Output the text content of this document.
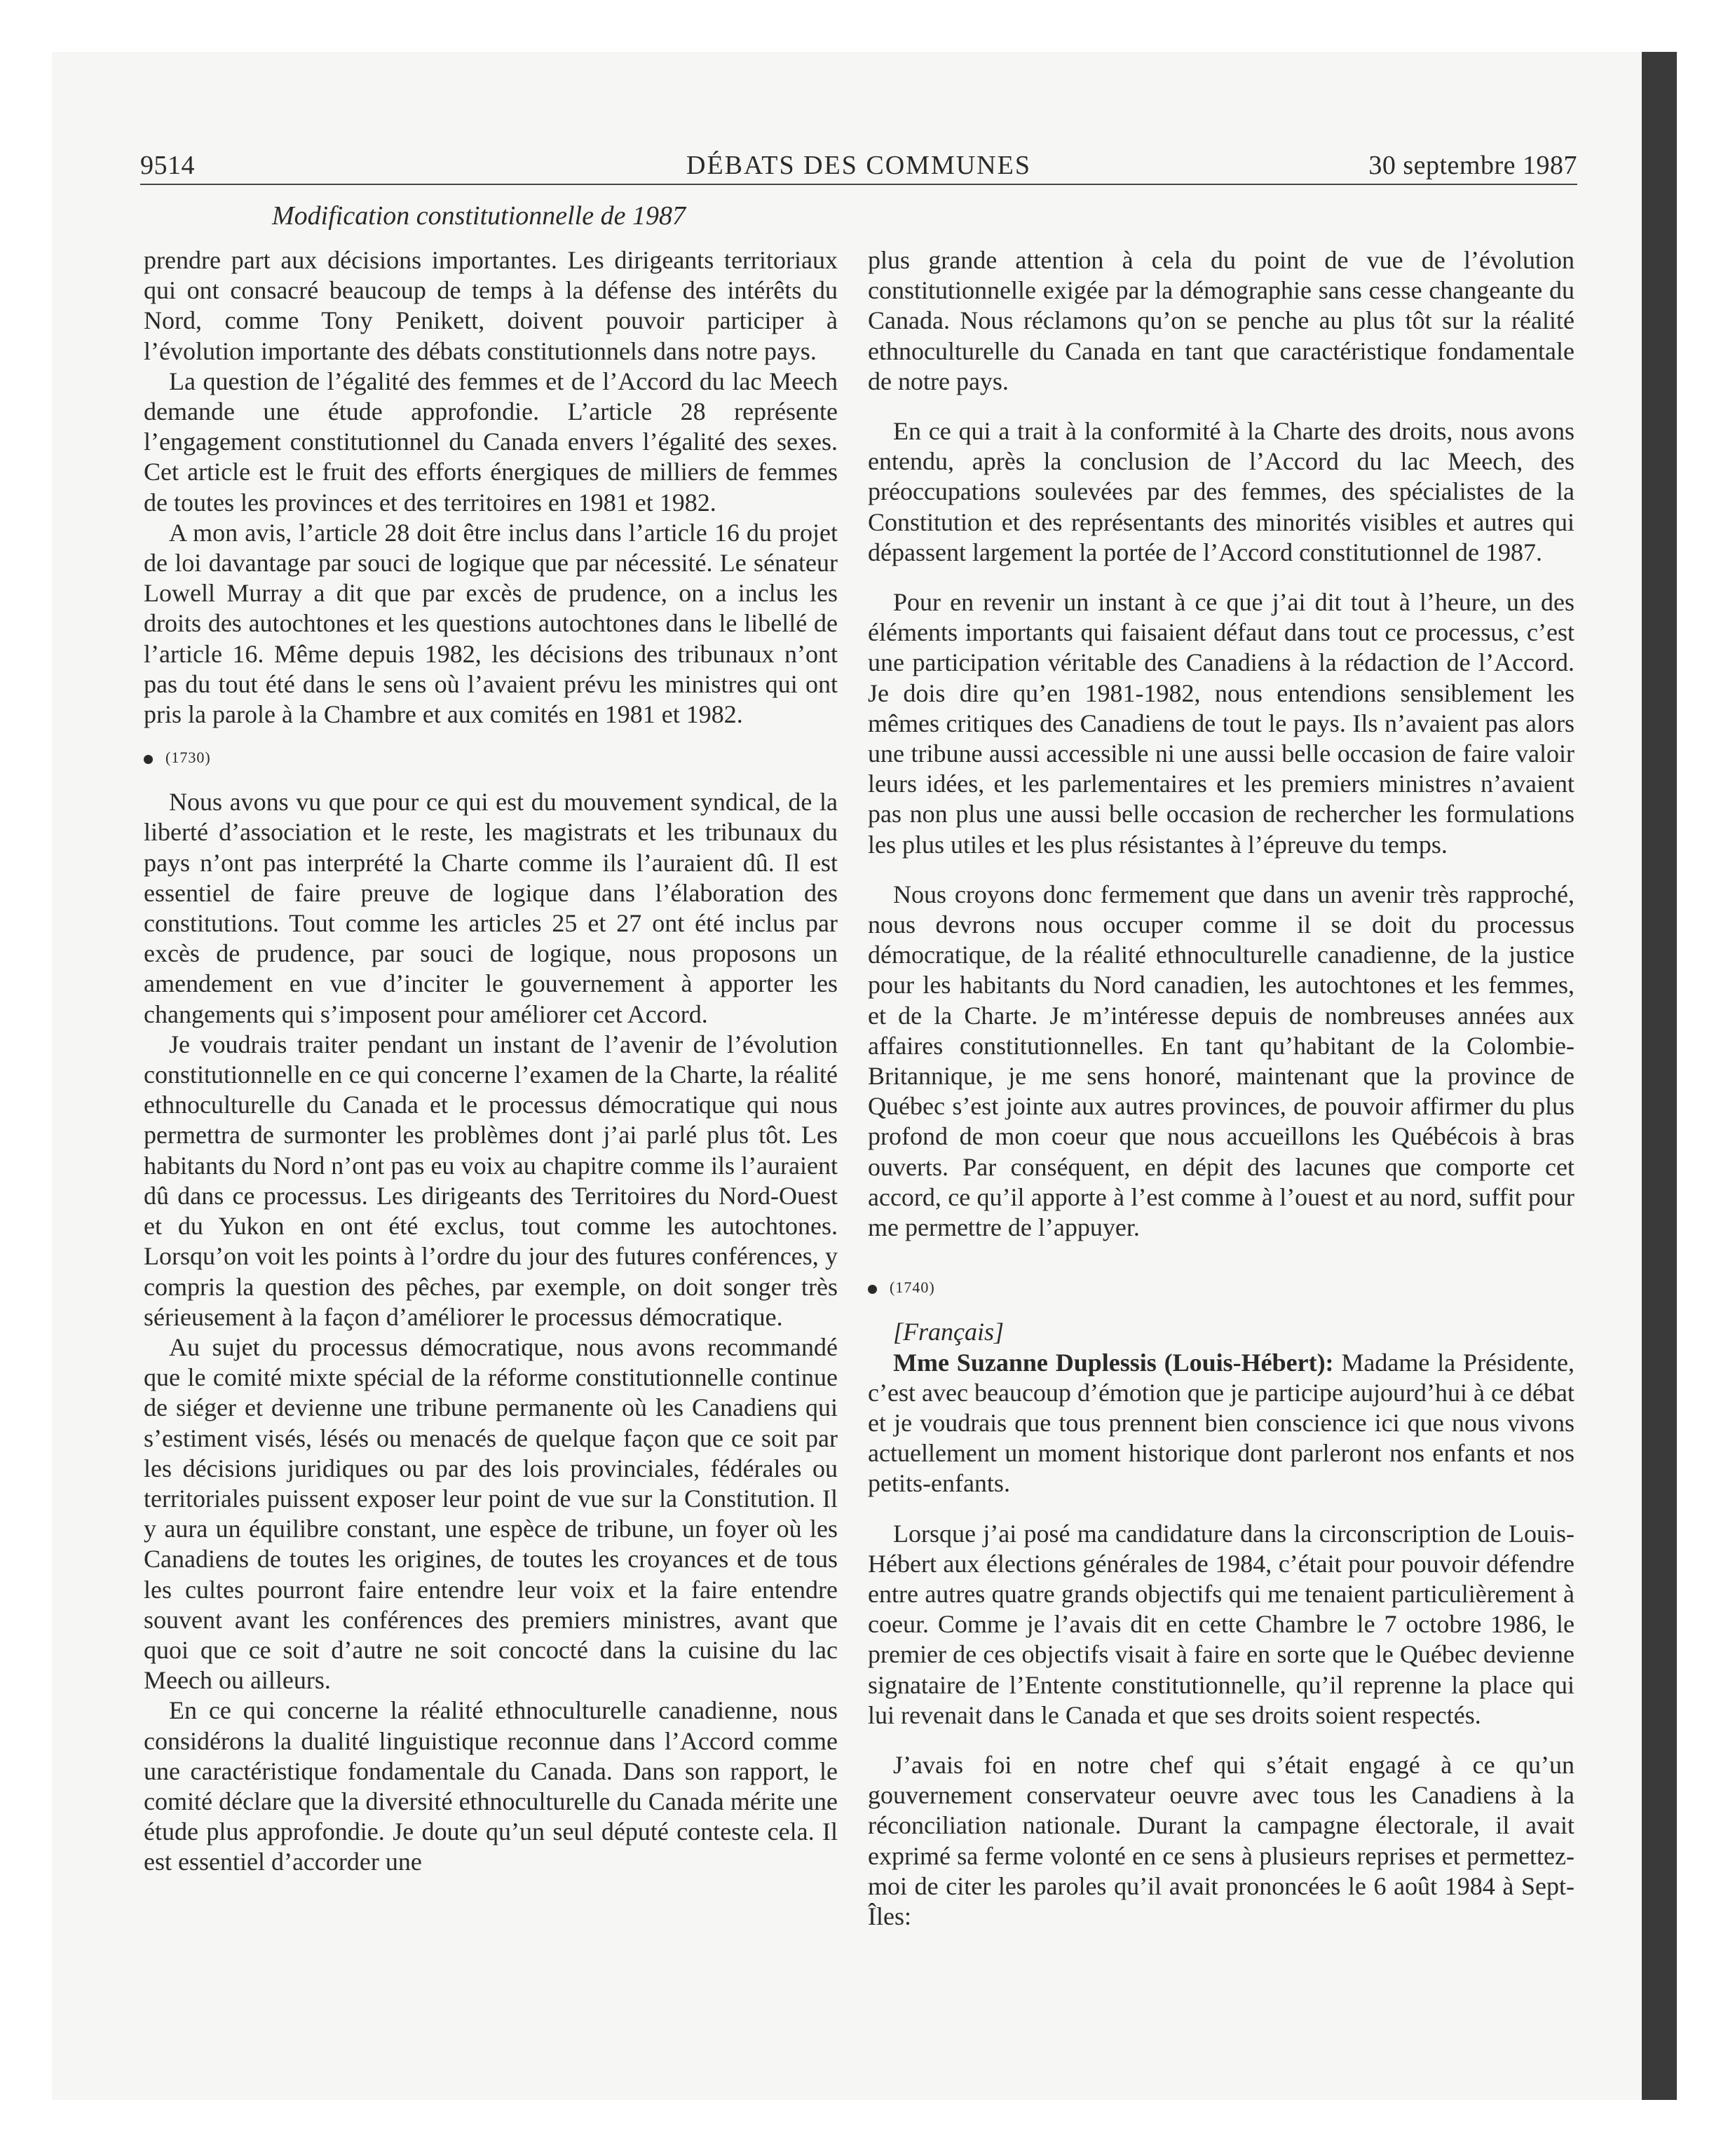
9514	DÉBATS DES COMMUNES	30 septembre 1987
Modification constitutionnelle de 1987

prendre part aux décisions importantes. Les dirigeants territoriaux qui ont consacré beaucoup de temps à la défense des intérêts du Nord, comme Tony Penikett, doivent pouvoir participer à l’évolution importante des débats constitutionnels dans notre pays.

La question de l’égalité des femmes et de l’Accord du lac Meech demande une étude approfondie. L’article 28 représente l’engagement constitutionnel du Canada envers l’égalité des sexes. Cet article est le fruit des efforts énergiques de milliers de femmes de toutes les provinces et des territoires en 1981 et 1982.

A mon avis, l’article 28 doit être inclus dans l’article 16 du projet de loi davantage par souci de logique que par nécessité. Le sénateur Lowell Murray a dit que par excès de prudence, on a inclus les droits des autochtones et les questions autochtones dans le libellé de l’article 16. Même depuis 1982, les décisions des tribunaux n’ont pas du tout été dans le sens où l’avaient prévu les ministres qui ont pris la parole à la Chambre et aux comités en 1981 et 1982.

(1730)

Nous avons vu que pour ce qui est du mouvement syndical, de la liberté d’association et le reste, les magistrats et les tribunaux du pays n’ont pas interprété la Charte comme ils l’auraient dû. Il est essentiel de faire preuve de logique dans l’élaboration des constitutions. Tout comme les articles 25 et 27 ont été inclus par excès de prudence, par souci de logique, nous proposons un amendement en vue d’inciter le gouvernement à apporter les changements qui s’imposent pour améliorer cet Accord.

Je voudrais traiter pendant un instant de l’avenir de l’évolution constitutionnelle en ce qui concerne l’examen de la Charte, la réalité ethnoculturelle du Canada et le processus démocratique qui nous permettra de surmonter les problèmes dont j’ai parlé plus tôt. Les habitants du Nord n’ont pas eu voix au chapitre comme ils l’auraient dû dans ce processus. Les dirigeants des Territoires du Nord-Ouest et du Yukon en ont été exclus, tout comme les autochtones. Lorsqu’on voit les points à l’ordre du jour des futures conférences, y compris la question des pêches, par exemple, on doit songer très sérieusement à la façon d’améliorer le processus démocratique.

Au sujet du processus démocratique, nous avons recommandé que le comité mixte spécial de la réforme constitutionnelle continue de siéger et devienne une tribune permanente où les Canadiens qui s’estiment visés, lésés ou menacés de quelque façon que ce soit par les décisions juridiques ou par des lois provinciales, fédérales ou territoriales puissent exposer leur point de vue sur la Constitution. Il y aura un équilibre constant, une espèce de tribune, un foyer où les Canadiens de toutes les origines, de toutes les croyances et de tous les cultes pourront faire entendre leur voix et la faire entendre souvent avant les conférences des premiers ministres, avant que quoi que ce soit d’autre ne soit concocté dans la cuisine du lac Meech ou ailleurs.

En ce qui concerne la réalité ethnoculturelle canadienne, nous considérons la dualité linguistique reconnue dans l’Accord comme une caractéristique fondamentale du Canada. Dans son rapport, le comité déclare que la diversité ethnoculturelle du Canada mérite une étude plus approfondie. Je doute qu’un seul député conteste cela. Il est essentiel d’accorder une

plus grande attention à cela du point de vue de l’évolution constitutionnelle exigée par la démographie sans cesse changeante du Canada. Nous réclamons qu’on se penche au plus tôt sur la réalité ethnoculturelle du Canada en tant que caractéristique fondamentale de notre pays.

En ce qui a trait à la conformité à la Charte des droits, nous avons entendu, après la conclusion de l’Accord du lac Meech, des préoccupations soulevées par des femmes, des spécialistes de la Constitution et des représentants des minorités visibles et autres qui dépassent largement la portée de l’Accord constitutionnel de 1987.

Pour en revenir un instant à ce que j’ai dit tout à l’heure, un des éléments importants qui faisaient défaut dans tout ce processus, c’est une participation véritable des Canadiens à la rédaction de l’Accord. Je dois dire qu’en 1981-1982, nous entendions sensiblement les mêmes critiques des Canadiens de tout le pays. Ils n’avaient pas alors une tribune aussi accessible ni une aussi belle occasion de faire valoir leurs idées, et les parlementaires et les premiers ministres n’avaient pas non plus une aussi belle occasion de rechercher les formulations les plus utiles et les plus résistantes à l’épreuve du temps.

Nous croyons donc fermement que dans un avenir très rapproché, nous devrons nous occuper comme il se doit du processus démocratique, de la réalité ethnoculturelle canadienne, de la justice pour les habitants du Nord canadien, les autochtones et les femmes, et de la Charte. Je m’intéresse depuis de nombreuses années aux affaires constitutionnelles. En tant qu’habitant de la Colombie-Britannique, je me sens honoré, maintenant que la province de Québec s’est jointe aux autres provinces, de pouvoir affirmer du plus profond de mon coeur que nous accueillons les Québécois à bras ouverts. Par conséquent, en dépit des lacunes que comporte cet accord, ce qu’il apporte à l’est comme à l’ouest et au nord, suffit pour me permettre de l’appuyer.

(1740)

[Français]

Mme Suzanne Duplessis (Louis-Hébert): Madame la Présidente, c’est avec beaucoup d’émotion que je participe aujourd’hui à ce débat et je voudrais que tous prennent bien conscience ici que nous vivons actuellement un moment historique dont parleront nos enfants et nos petits-enfants.

Lorsque j’ai posé ma candidature dans la circonscription de Louis-Hébert aux élections générales de 1984, c’était pour pouvoir défendre entre autres quatre grands objectifs qui me tenaient particulièrement à coeur. Comme je l’avais dit en cette Chambre le 7 octobre 1986, le premier de ces objectifs visait à faire en sorte que le Québec devienne signataire de l’Entente constitutionnelle, qu’il reprenne la place qui lui revenait dans le Canada et que ses droits soient respectés.

J’avais foi en notre chef qui s’était engagé à ce qu’un gouvernement conservateur oeuvre avec tous les Canadiens à la réconciliation nationale. Durant la campagne électorale, il avait exprimé sa ferme volonté en ce sens à plusieurs reprises et permettez-moi de citer les paroles qu’il avait prononcées le 6 août 1984 à Sept-Îles:
